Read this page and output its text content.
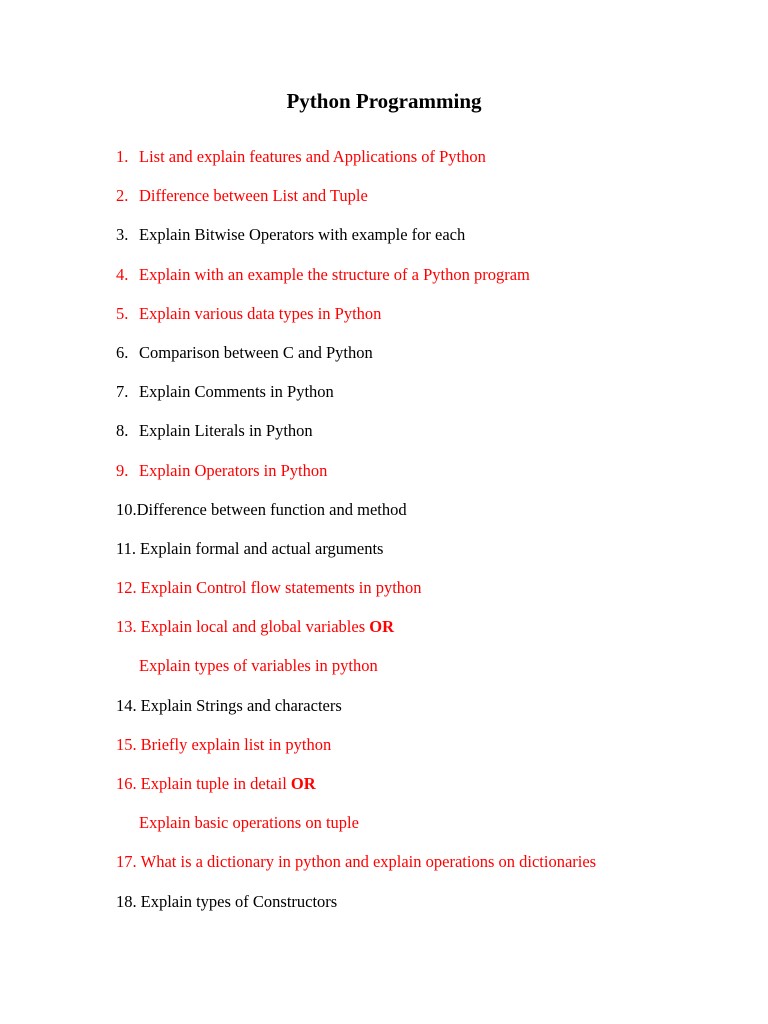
Python Programming
1. List and explain features and Applications of Python
2. Difference between List and Tuple
3. Explain Bitwise Operators with example for each
4. Explain with an example the structure of a Python program
5. Explain various data types in Python
6. Comparison between C and Python
7. Explain Comments in Python
8. Explain Literals in Python
9. Explain Operators in Python
10.Difference between function and method
11. Explain formal and actual arguments
12. Explain Control flow statements in python
13. Explain local and global variables OR
Explain types of variables in python
14. Explain Strings and characters
15. Briefly explain list in python
16. Explain tuple in detail OR
Explain basic operations on tuple
17. What is a dictionary in python and explain operations on dictionaries
18. Explain types of Constructors
